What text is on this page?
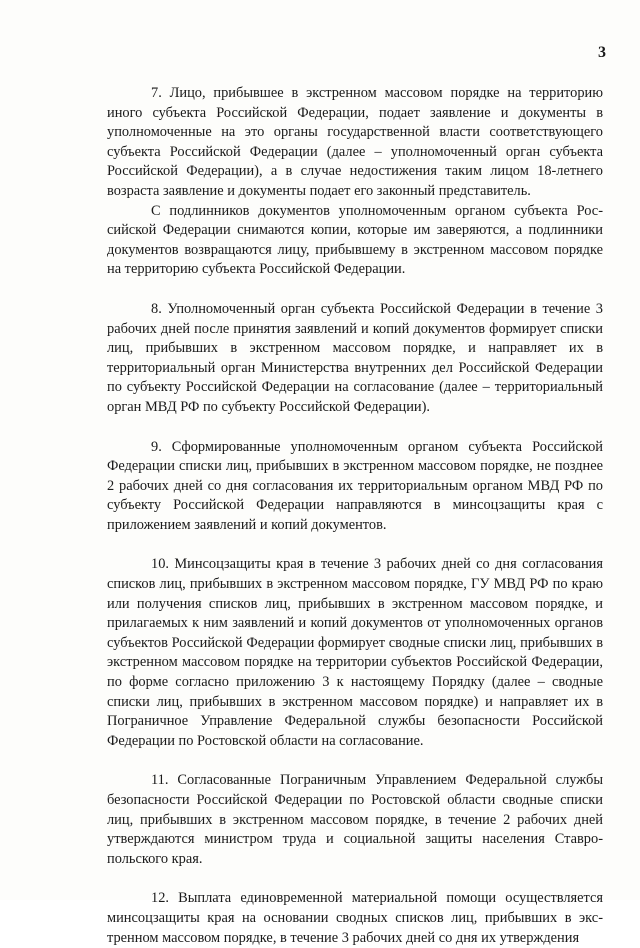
3

7. Лицо, прибывшее в экстренном массовом порядке на территорию иного субъекта Российской Федерации, подает заявление и документы в уполномоченные на это органы государственной власти соответствующего субъекта Российской Федерации (далее – уполномоченный орган субъекта Российской Федерации), а в случае недостижения таким лицом 18-летнего возраста заявление и документы подает его законный представитель.

С подлинников документов уполномоченным органом субъекта Российской Федерации снимаются копии, которые им заверяются, а подлинники документов возвращаются лицу, прибывшему в экстренном массовом порядке на территорию субъекта Российской Федерации.

8. Уполномоченный орган субъекта Российской Федерации в течение 3 рабочих дней после принятия заявлений и копий документов формирует списки лиц, прибывших в экстренном массовом порядке, и направляет их в территориальный орган Министерства внутренних дел Российской Федерации по субъекту Российской Федерации на согласование (далее – территориальный орган МВД РФ по субъекту Российской Федерации).

9. Сформированные уполномоченным органом субъекта Российской Федерации списки лиц, прибывших в экстренном массовом порядке, не позднее 2 рабочих дней со дня согласования их территориальным органом МВД РФ по субъекту Российской Федерации направляются в минсоцзащиты края с приложением заявлений и копий документов.

10. Минсоцзащиты края в течение 3 рабочих дней со дня согласования списков лиц, прибывших в экстренном массовом порядке, ГУ МВД РФ по краю или получения списков лиц, прибывших в экстренном массовом порядке, и прилагаемых к ним заявлений и копий документов от уполномоченных органов субъектов Российской Федерации формирует сводные списки лиц, прибывших в экстренном массовом порядке на территории субъектов Российской Федерации, по форме согласно приложению 3 к настоящему Порядку (далее – сводные списки лиц, прибывших в экстренном массовом порядке) и направляет их в Пограничное Управление Федеральной службы безопасности Российской Федерации по Ростовской области на согласование.

11. Согласованные Пограничным Управлением Федеральной службы безопасности Российской Федерации по Ростовской области сводные списки лиц, прибывших в экстренном массовом порядке, в течение 2 рабочих дней утверждаются министром труда и социальной защиты населения Ставропольского края.

12. Выплата единовременной материальной помощи осуществляется минсоцзащиты края на основании сводных списков лиц, прибывших в экстренном массовом порядке, в течение 3 рабочих дней со дня их утверждения
